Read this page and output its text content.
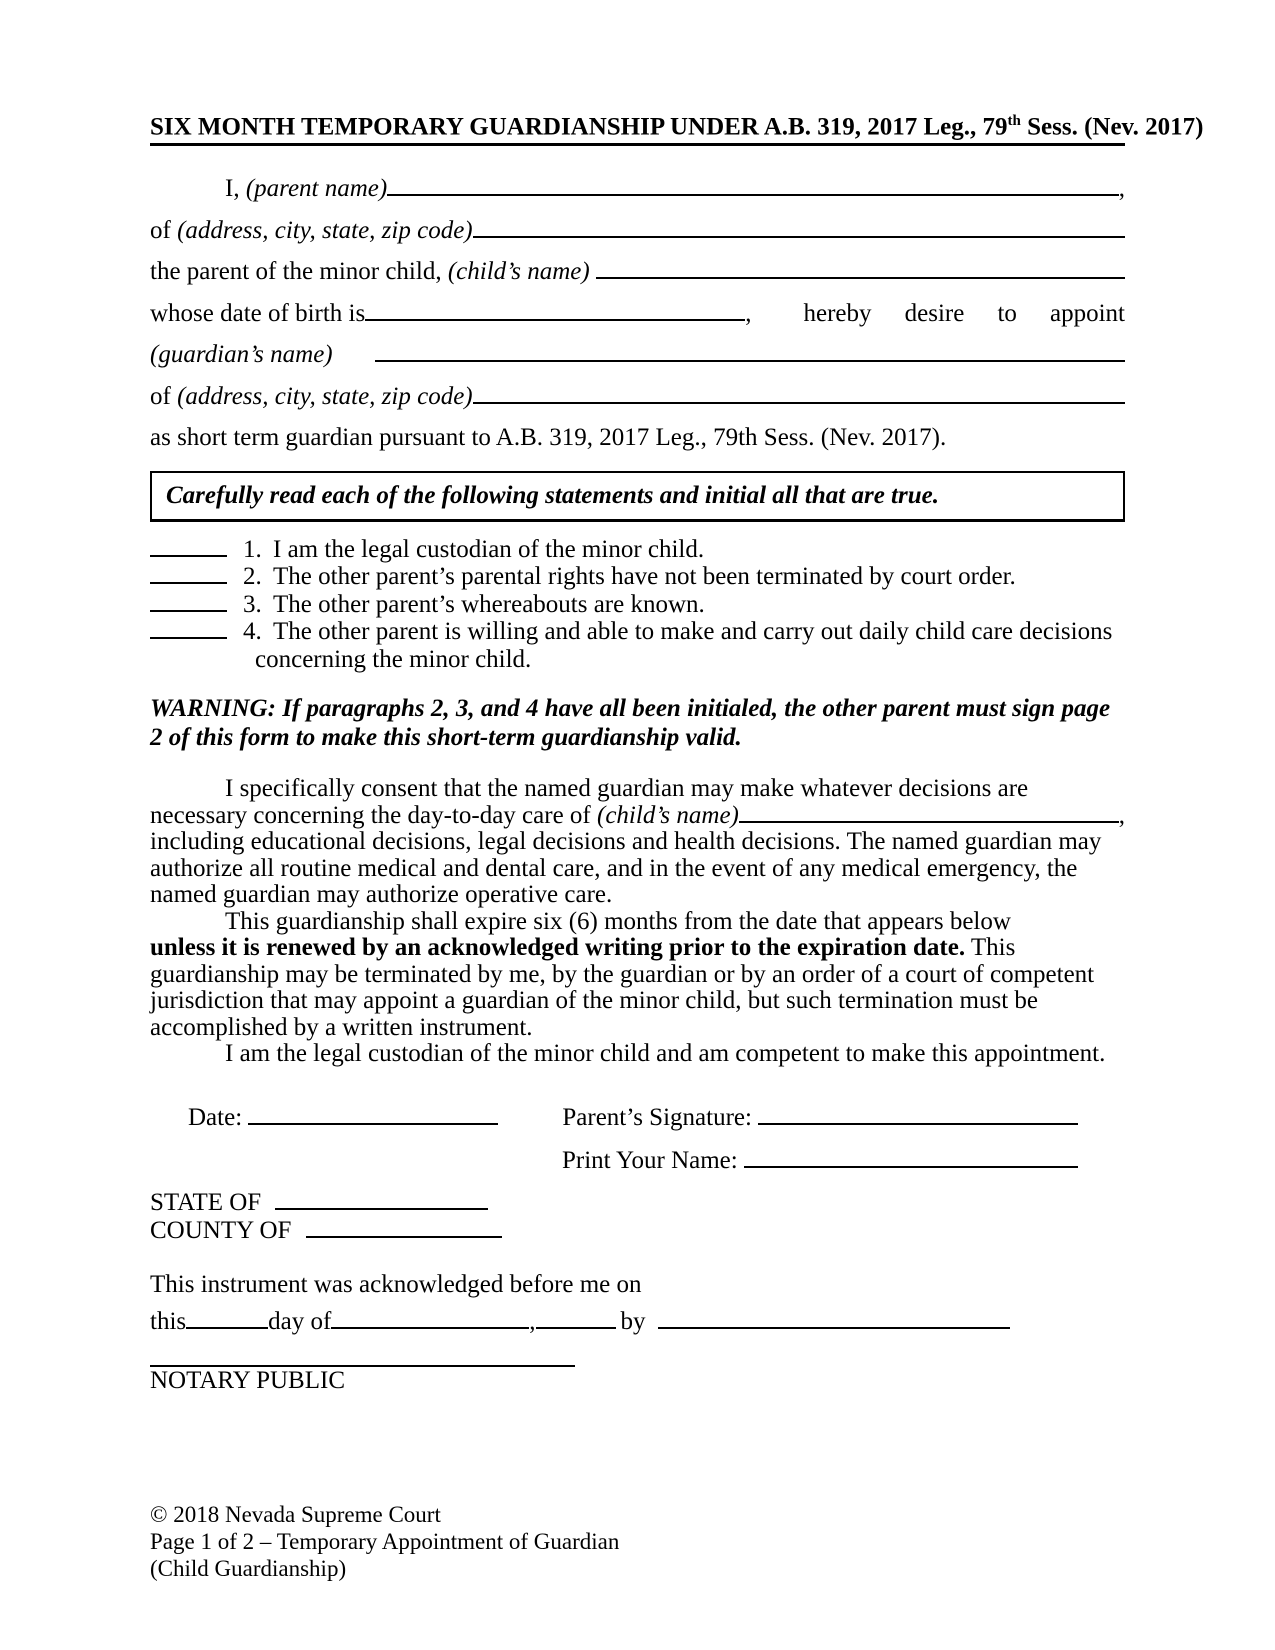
SIX MONTH TEMPORARY GUARDIANSHIP UNDER A.B. 319, 2017 Leg., 79th Sess. (Nev. 2017)
I, (parent name)	,
of (address, city, state, zip code)
the parent of the minor child, (child’s name)

whose date of birth is	, hereby desire to appoint
(guardian’s name)
of (address, city, state, zip code)
as short term guardian pursuant to A.B. 319, 2017 Leg., 79th Sess. (Nev. 2017).
Carefully read each of the following statements and initial all that are true.
1. I am the legal custodian of the minor child.
2. The other parent’s parental rights have not been terminated by court order.
3. The other parent’s whereabouts are known.
4. The other parent is willing and able to make and carry out daily child care decisions
concerning the minor child.
WARNING: If paragraphs 2, 3, and 4 have all been initialed, the other parent must sign page
2 of this form to make this short-term guardianship valid.
I specifically consent that the named guardian may make whatever decisions are
necessary concerning the day-to-day care of (child’s name)	,
including educational decisions, legal decisions and health decisions. The named guardian may
authorize all routine medical and dental care, and in the event of any medical emergency, the
named guardian may authorize operative care.
This guardianship shall expire six (6) months from the date that appears below
unless it is renewed by an acknowledged writing prior to the expiration date. This
guardianship may be terminated by me, by the guardian or by an order of a court of competent
jurisdiction that may appoint a guardian of the minor child, but such termination must be
accomplished by a written instrument.
I am the legal custodian of the minor child and am competent to make this appointment.
Date:	Parent’s Signature:
Print Your Name:
STATE OF
COUNTY OF
This instrument was acknowledged before me on
this	day of	,	by
NOTARY PUBLIC
© 2018 Nevada Supreme Court
Page 1 of 2 – Temporary Appointment of Guardian
(Child Guardianship)
